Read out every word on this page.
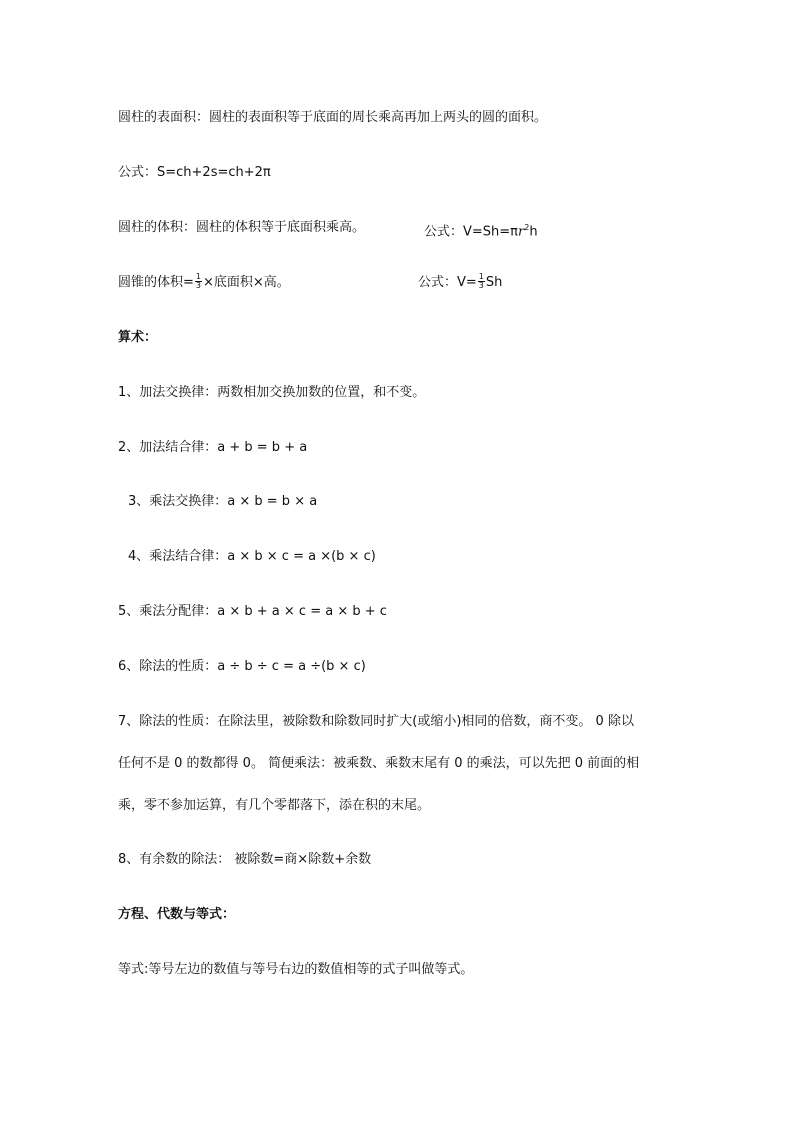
圆柱的表面积：圆柱的表面积等于底面的周长乘高再加上两头的圆的面积。
公式：S=ch+2s=ch+2π
圆柱的体积：圆柱的体积等于底面积乘高。	公式：$V=Sh=\pi r^2h$
圆锥的体积= $\frac{1}{3}$ ×底面积×高。	公式：$V= \frac{1}{3}$ Sh
算术：
1、加法交换律：两数相加交换加数的位置，和不变。
2、加法结合律：a + b = b + a
3、乘法交换律：a × b = b × a
4、乘法结合律：a × b × c = a ×(b × c)
5、乘法分配律：a × b + a × c = a × b + c
6、除法的性质：a ÷ b ÷ c = a ÷(b × c)
7、除法的性质：在除法里，被除数和除数同时扩大(或缩小)相同的倍数，商不变。 0 除以
任何不是 0 的数都得 0。 简便乘法：被乘数、乘数末尾有 0 的乘法，可以先把 0 前面的相
乘，零不参加运算，有几个零都落下，添在积的末尾。
8、有余数的除法： 被除数=商×除数+余数
方程、代数与等式：
等式:等号左边的数值与等号右边的数值相等的式子叫做等式。
